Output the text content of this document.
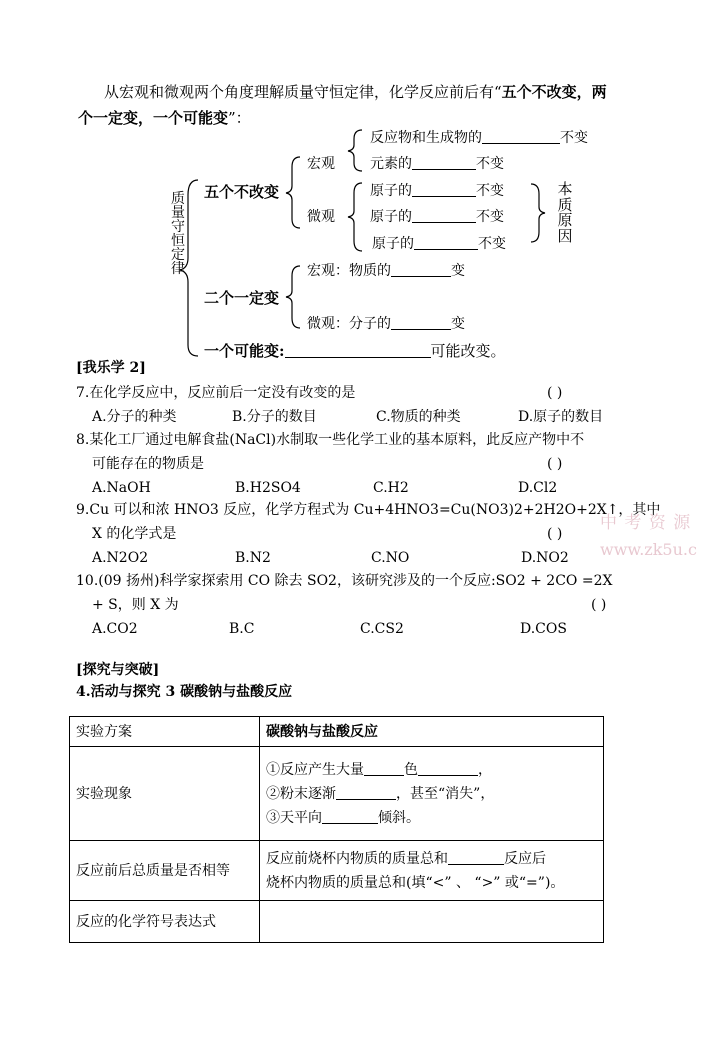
从宏观和微观两个角度理解质量守恒定律，化学反应前后有“五个不改变，两
个一定变，一个可能变”：
质量守恒定律
五个不改变
宏观
反应物和生成物的	不变
元素的	不变
微观
原子的	不变
原子的	不变
原子的	不变
本质原因
二个一定变
宏观：物质的	变
微观：分子的	变
一个可能变:	可能改变。
[我乐学 2]
7.在化学反应中，反应前后一定没有改变的是	( )
A.分子的种类	B.分子的数目	C.物质的种类	D.原子的数目
8.某化工厂通过电解食盐(NaCl)水制取一些化学工业的基本原料，此反应产物中不
可能存在的物质是	( )
A.NaOH	B.H2SO4	C.H2	D.Cl2
9.Cu 可以和浓 HNO3 反应，化学方程式为 Cu+4HNO3=Cu(NO3)2+2H2O+2X↑，其中
X 的化学式是	( )
A.N2O2	B.N2	C.NO	D.NO2
10.(09 扬州)科学家探索用 CO 除去 SO2，该研究涉及的一个反应:SO2 + 2CO =2X
+ S，则 X 为	( )
A.CO2	B.C	C.CS2	D.COS
[探究与突破]
4.活动与探究 3 碳酸钠与盐酸反应
实验方案	碳酸钠与盐酸反应
实验现象	①反应产生大量 色 ，
②粉末逐渐 ，甚至“消失”，
③天平向 倾斜。

反应前后总质量是否相等	反应前烧杯内物质的质量总和 反应后
烧杯内物质的质量总和(填“<” 、 “>” 或“=”)。

反应的化学符号表达式	
中 考 资 源
www.zk5u.c
